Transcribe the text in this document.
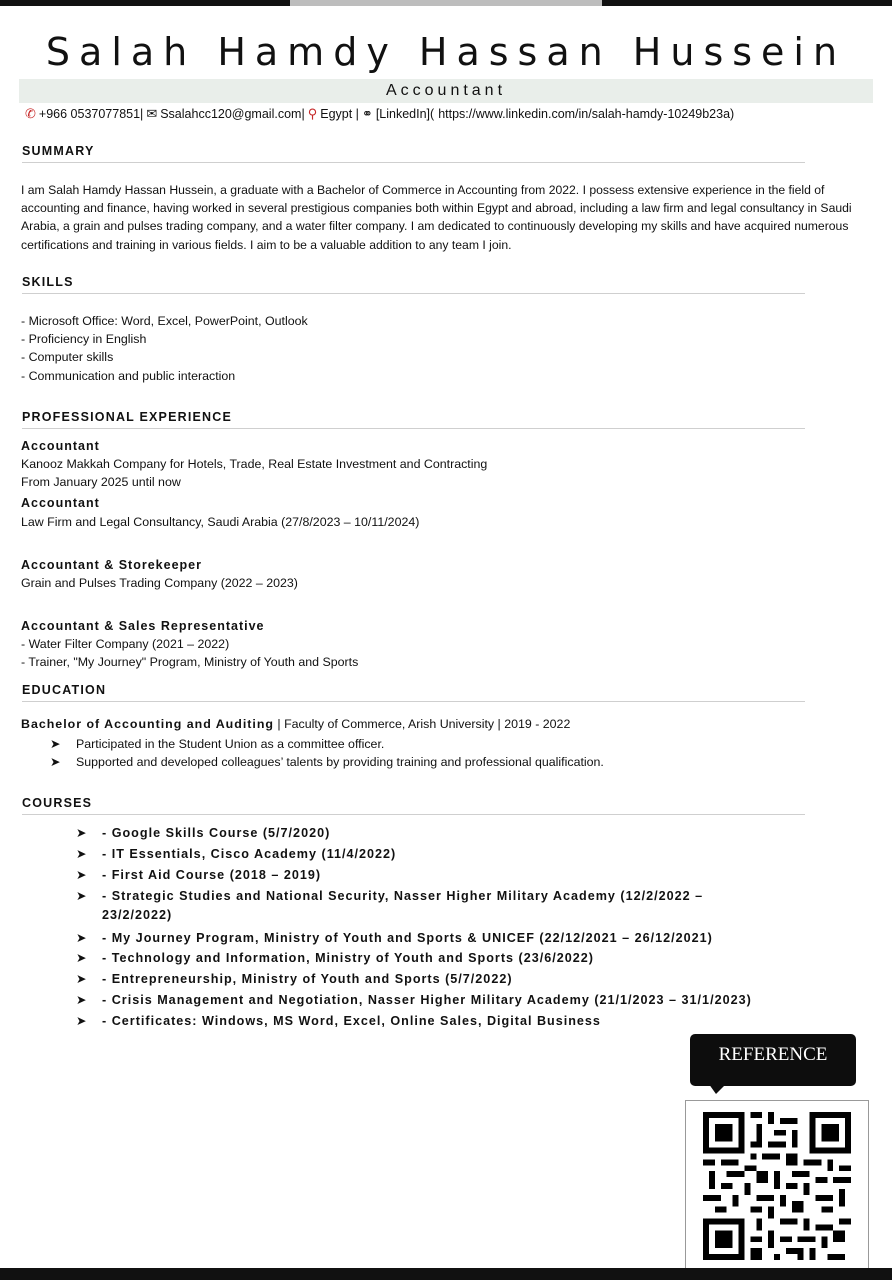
Salah Hamdy Hassan Hussein
Accountant
✆ +966 0537077851| ✉ Ssalahcc120@gmail.com| ⚲ Egypt | ⚭ [LinkedIn]( https://www.linkedin.com/in/salah-hamdy-10249b23a)
SUMMARY
I am Salah Hamdy Hassan Hussein, a graduate with a Bachelor of Commerce in Accounting from 2022. I possess extensive experience in the field of accounting and finance, having worked in several prestigious companies both within Egypt and abroad, including a law firm and legal consultancy in Saudi Arabia, a grain and pulses trading company, and a water filter company. I am dedicated to continuously developing my skills and have acquired numerous certifications and training in various fields. I aim to be a valuable addition to any team I join.
SKILLS
- Microsoft Office: Word, Excel, PowerPoint, Outlook
- Proficiency in English
- Computer skills
- Communication and public interaction
PROFESSIONAL EXPERIENCE
Accountant
Kanooz Makkah Company for Hotels, Trade, Real Estate Investment and Contracting
From January 2025 until now
Accountant
Law Firm and Legal Consultancy, Saudi Arabia (27/8/2023 – 10/11/2024)
Accountant & Storekeeper
Grain and Pulses Trading Company (2022 – 2023)
Accountant & Sales Representative
- Water Filter Company (2021 – 2022)
- Trainer, "My Journey" Program, Ministry of Youth and Sports
EDUCATION
Bachelor of Accounting and Auditing | Faculty of Commerce, Arish University | 2019 - 2022
➤ Participated in the Student Union as a committee officer.
➤ Supported and developed colleagues’ talents by providing training and professional qualification.
COURSES
➤ - Google Skills Course (5/7/2020)
➤ - IT Essentials, Cisco Academy (11/4/2022)
➤ - First Aid Course (2018 – 2019)
➤ - Strategic Studies and National Security, Nasser Higher Military Academy (12/2/2022 –
23/2/2022)
➤ - My Journey Program, Ministry of Youth and Sports & UNICEF (22/12/2021 – 26/12/2021)
➤ - Technology and Information, Ministry of Youth and Sports (23/6/2022)
➤ - Entrepreneurship, Ministry of Youth and Sports (5/7/2022)
➤ - Crisis Management and Negotiation, Nasser Higher Military Academy (21/1/2023 – 31/1/2023)
➤ - Certificates: Windows, MS Word, Excel, Online Sales, Digital Business
REFERENCE
